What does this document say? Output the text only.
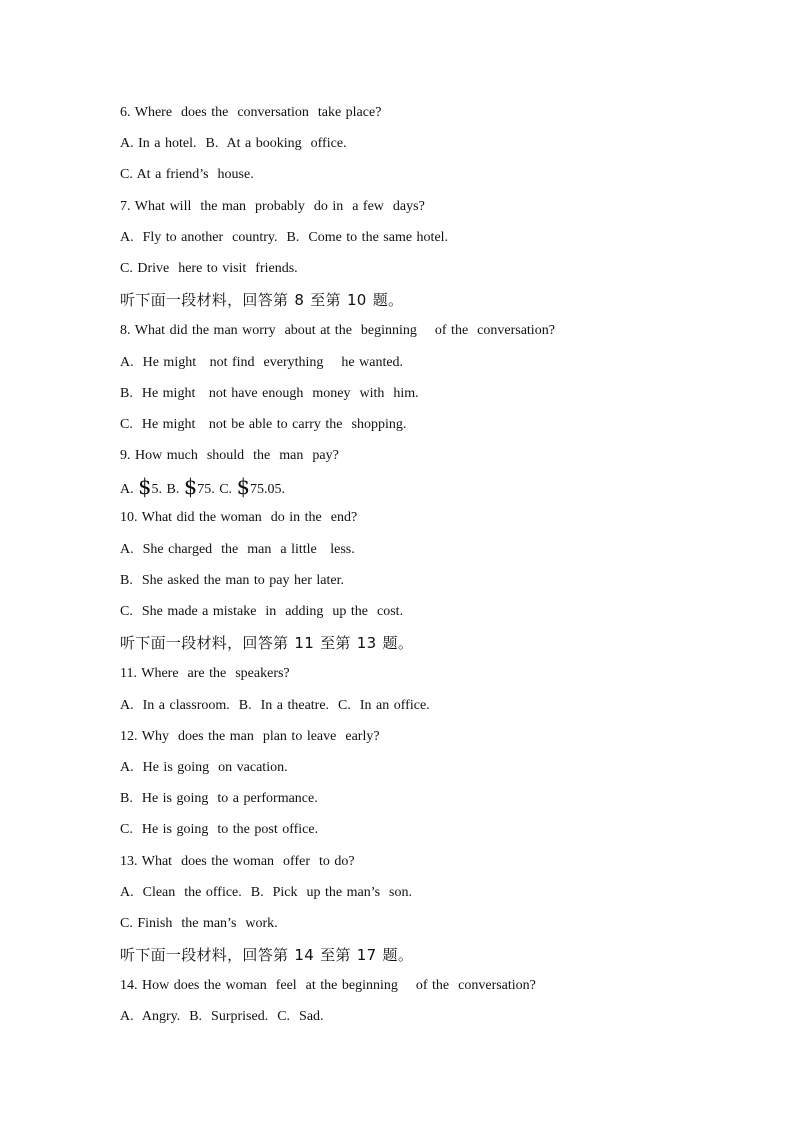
6. Where  does the  conversation  take place?
A. In a hotel.  B.  At a booking  office.
C. At a friend’s  house.
7. What will  the man  probably  do in  a few  days?
A.  Fly to another  country.  B.  Come to the same hotel.
C. Drive  here to visit  friends.
听下面一段材料，回答第 8 至第 10 题。
8. What did the man worry  about at the  beginning    of the  conversation?
A.  He might   not find  everything    he wanted.
B.  He might   not have enough  money  with  him.
C.  He might   not be able to carry the  shopping.
9. How much  should  the  man  pay?
A. $5. B. $75. C. $75.05.
10. What did the woman  do in the  end?
A.  She charged  the  man  a little   less.
B.  She asked the man to pay her later.
C.  She made a mistake  in  adding  up the  cost.
听下面一段材料，回答第 11 至第 13 题。
11. Where  are the  speakers?
A.  In a classroom.  B.  In a theatre.  C.  In an office.
12. Why  does the man  plan to leave  early?
A.  He is going  on vacation.
B.  He is going  to a performance.
C.  He is going  to the post office.
13. What  does the woman  offer  to do?
A.  Clean  the office.  B.  Pick  up the man’s  son.
C. Finish  the man’s  work.
听下面一段材料，回答第 14 至第 17 题。
14. How does the woman  feel  at the beginning    of the  conversation?
A.  Angry.  B.  Surprised.  C.  Sad.
